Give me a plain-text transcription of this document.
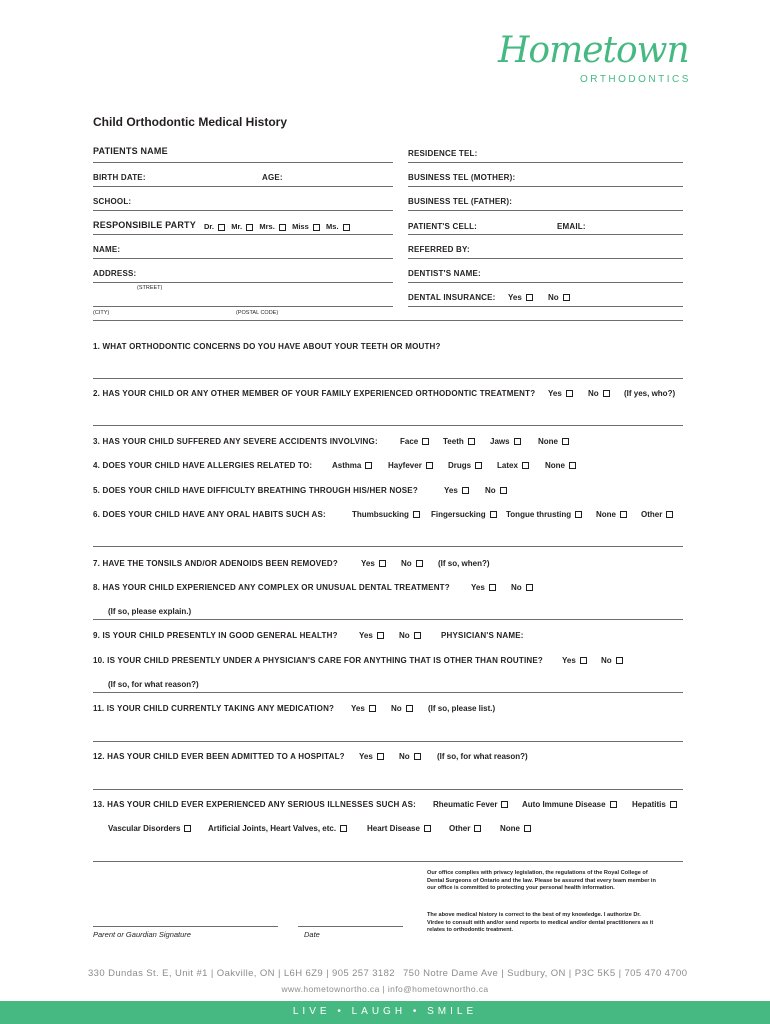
Hometown
ORTHODONTICS
Child Orthodontic Medical History
PATIENTS NAME	RESIDENCE TEL:
BIRTH DATE:	AGE:	BUSINESS TEL (MOTHER):
SCHOOL:	BUSINESS TEL (FATHER):
RESPONSIBILE PARTY Dr. Mr. Mrs. Miss Ms.	PATIENT'S CELL:	EMAIL:
NAME:	REFERRED BY:
ADDRESS:	DENTIST'S NAME:
(STREET)
DENTAL INSURANCE: Yes	No
(CITY)	(POSTAL CODE)
1. WHAT ORTHODONTIC CONCERNS DO YOU HAVE ABOUT YOUR TEETH OR MOUTH?
2. HAS YOUR CHILD OR ANY OTHER MEMBER OF YOUR FAMILY EXPERIENCED ORTHODONTIC TREATMENT? Yes	No	(If yes, who?)
3. HAS YOUR CHILD SUFFERED ANY SEVERE ACCIDENTS INVOLVING:	Face	Teeth	Jaws	None
4. DOES YOUR CHILD HAVE ALLERGIES RELATED TO: Asthma	Hayfever	Drugs	Latex	None
5. DOES YOUR CHILD HAVE DIFFICULTY BREATHING THROUGH HIS/HER NOSE?	Yes	No
6. DOES YOUR CHILD HAVE ANY ORAL HABITS SUCH AS:	Thumbsucking	Fingersucking	Tongue thrusting	None	Other
7. HAVE THE TONSILS AND/OR ADENOIDS BEEN REMOVED?	Yes	No	(If so, when?)
8. HAS YOUR CHILD EXPERIENCED ANY COMPLEX OR UNUSUAL DENTAL TREATMENT?	Yes	No
(If so, please explain.)
9. IS YOUR CHILD PRESENTLY IN GOOD GENERAL HEALTH?	Yes	No	PHYSICIAN'S NAME:
10. IS YOUR CHILD PRESENTLY UNDER A PHYSICIAN'S CARE FOR ANYTHING THAT IS OTHER THAN ROUTINE? Yes	No
(If so, for what reason?)
11. IS YOUR CHILD CURRENTLY TAKING ANY MEDICATION? Yes	No	(If so, please list.)
12. HAS YOUR CHILD EVER BEEN ADMITTED TO A HOSPITAL? Yes	No	(If so, for what reason?)
13. HAS YOUR CHILD EVER EXPERIENCED ANY SERIOUS ILLNESSES SUCH AS: Rheumatic Fever	Auto Immune Disease	Hepatitis
Vascular Disorders	Artificial Joints, Heart Valves, etc.	Heart Disease	Other	None
Parent or Gaurdian Signature	Date
Our office complies with privacy legislation, the regulations of the Royal College of Dental Surgeons of Ontario and the law. Please be assured that every team member in our office is committed to protecting your personal health information.
The above medical history is correct to the best of my knowledge. I authorize Dr. Virdee to consult with and/or send reports to medical and/or dental practitioners as it relates to orthodontic treatment.
330 Dundas St. E, Unit #1 | Oakville, ON | L6H 6Z9 | 905 257 3182 750 Notre Dame Ave | Sudbury, ON | P3C 5K5 | 705 470 4700
www.hometownortho.ca | info@hometownortho.ca
LIVE • LAUGH • SMILE
